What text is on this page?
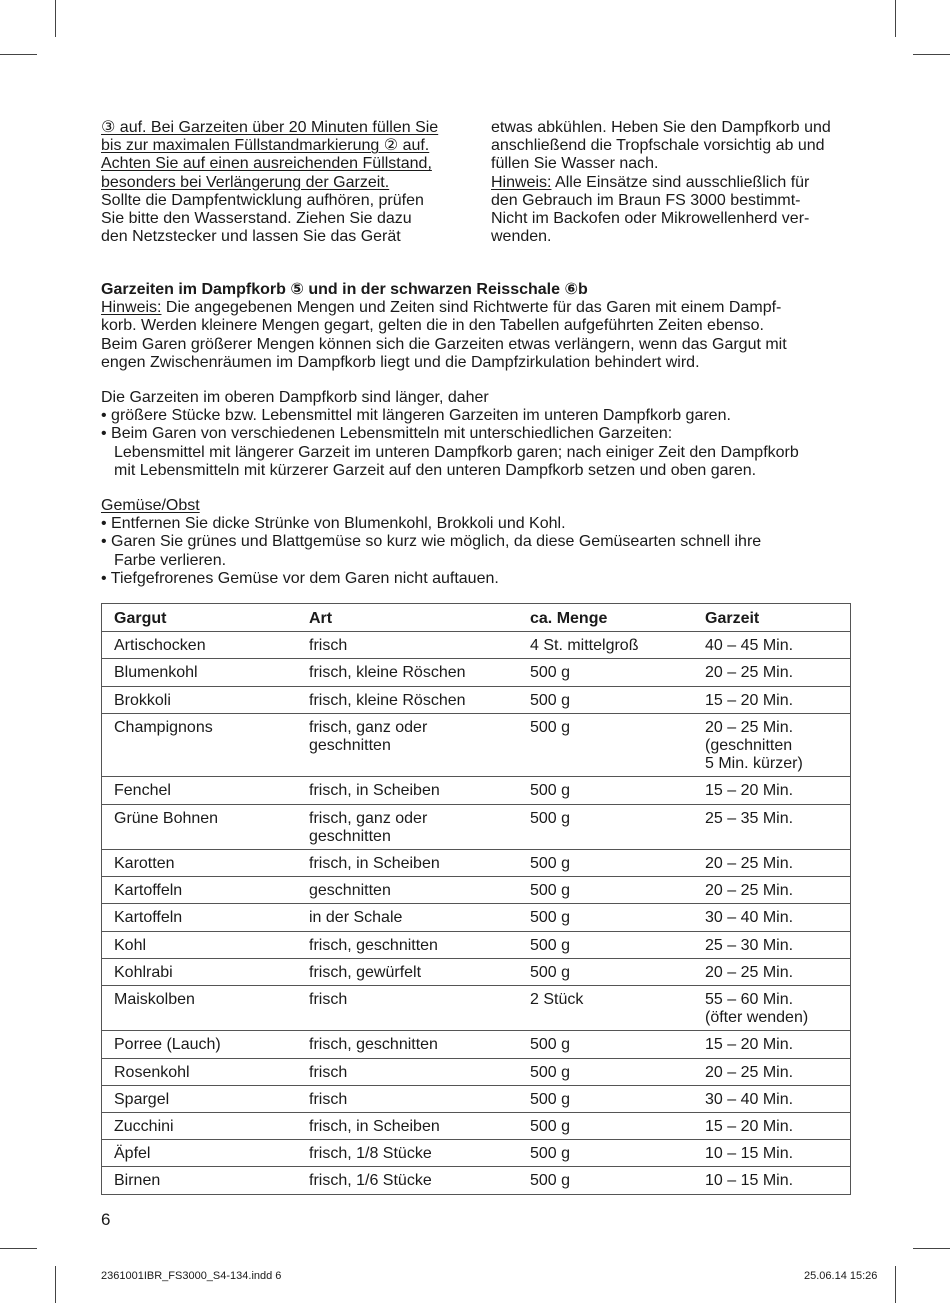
③ auf. Bei Garzeiten über 20 Minuten füllen Sie

bis zur maximalen Füllstandmarkierung ② auf.

Achten Sie auf einen ausreichenden Füllstand,

besonders bei Verlängerung der Garzeit.

Sollte die Dampfentwicklung aufhören, prüfen

Sie bitte den Wasserstand. Ziehen Sie dazu

den Netzstecker und lassen Sie das Gerät

etwas abkühlen. Heben Sie den Dampfkorb und

anschließend die Tropfschale vorsichtig ab und

füllen Sie Wasser nach.

Hinweis: Alle Einsätze sind ausschließlich für

den Gebrauch im Braun FS 3000 bestimmt-

Nicht im Backofen oder Mikrowellenherd ver-

wenden.

Garzeiten im Dampfkorb ⑤ und in der schwarzen Reisschale ⑥b

Hinweis: Die angegebenen Mengen und Zeiten sind Richtwerte für das Garen mit einem Dampf-

korb. Werden kleinere Mengen gegart, gelten die in den Tabellen aufgeführten Zeiten ebenso.

Beim Garen größerer Mengen können sich die Garzeiten etwas verlängern, wenn das Gargut mit

engen Zwischenräumen im Dampfkorb liegt und die Dampfzirkulation behindert wird.

Die Garzeiten im oberen Dampfkorb sind länger, daher

• größere Stücke bzw. Lebensmittel mit längeren Garzeiten im unteren Dampfkorb garen.

• Beim Garen von verschiedenen Lebensmitteln mit unterschiedlichen Garzeiten:

Lebensmittel mit längerer Garzeit im unteren Dampfkorb garen; nach einiger Zeit den Dampfkorb

mit Lebensmitteln mit kürzerer Garzeit auf den unteren Dampfkorb setzen und oben garen.

Gemüse/Obst

• Entfernen Sie dicke Strünke von Blumenkohl, Brokkoli und Kohl.

• Garen Sie grünes und Blattgemüse so kurz wie möglich, da diese Gemüsearten schnell ihre

Farbe verlieren.

• Tiefgefrorenes Gemüse vor dem Garen nicht auftauen.

Gargut	Art	ca. Menge	Garzeit
Artischocken	frisch	4 St. mittelgroß	40 – 45 Min.
Blumenkohl	frisch, kleine Röschen	500 g	20 – 25 Min.
Brokkoli	frisch, kleine Röschen	500 g	15 – 20 Min.
Champignons	frisch, ganz oder
geschnitten	500 g	20 – 25 Min.
(geschnitten
5 Min. kürzer)
Fenchel	frisch, in Scheiben	500 g	15 – 20 Min.
Grüne Bohnen	frisch, ganz oder
geschnitten	500 g	25 – 35 Min.
Karotten	frisch, in Scheiben	500 g	20 – 25 Min.
Kartoffeln	geschnitten	500 g	20 – 25 Min.
Kartoffeln	in der Schale	500 g	30 – 40 Min.
Kohl	frisch, geschnitten	500 g	25 – 30 Min.
Kohlrabi	frisch, gewürfelt	500 g	20 – 25 Min.
Maiskolben	frisch	2 Stück	55 – 60 Min.
(öfter wenden)
Porree (Lauch)	frisch, geschnitten	500 g	15 – 20 Min.
Rosenkohl	frisch	500 g	20 – 25 Min.
Spargel	frisch	500 g	30 – 40 Min.
Zucchini	frisch, in Scheiben	500 g	15 – 20 Min.
Äpfel	frisch, 1/8 Stücke	500 g	10 – 15 Min.
Birnen	frisch, 1/6 Stücke	500 g	10 – 15 Min.
6
2361001IBR_FS3000_S4-134.indd 6	25.06.14 15:26
